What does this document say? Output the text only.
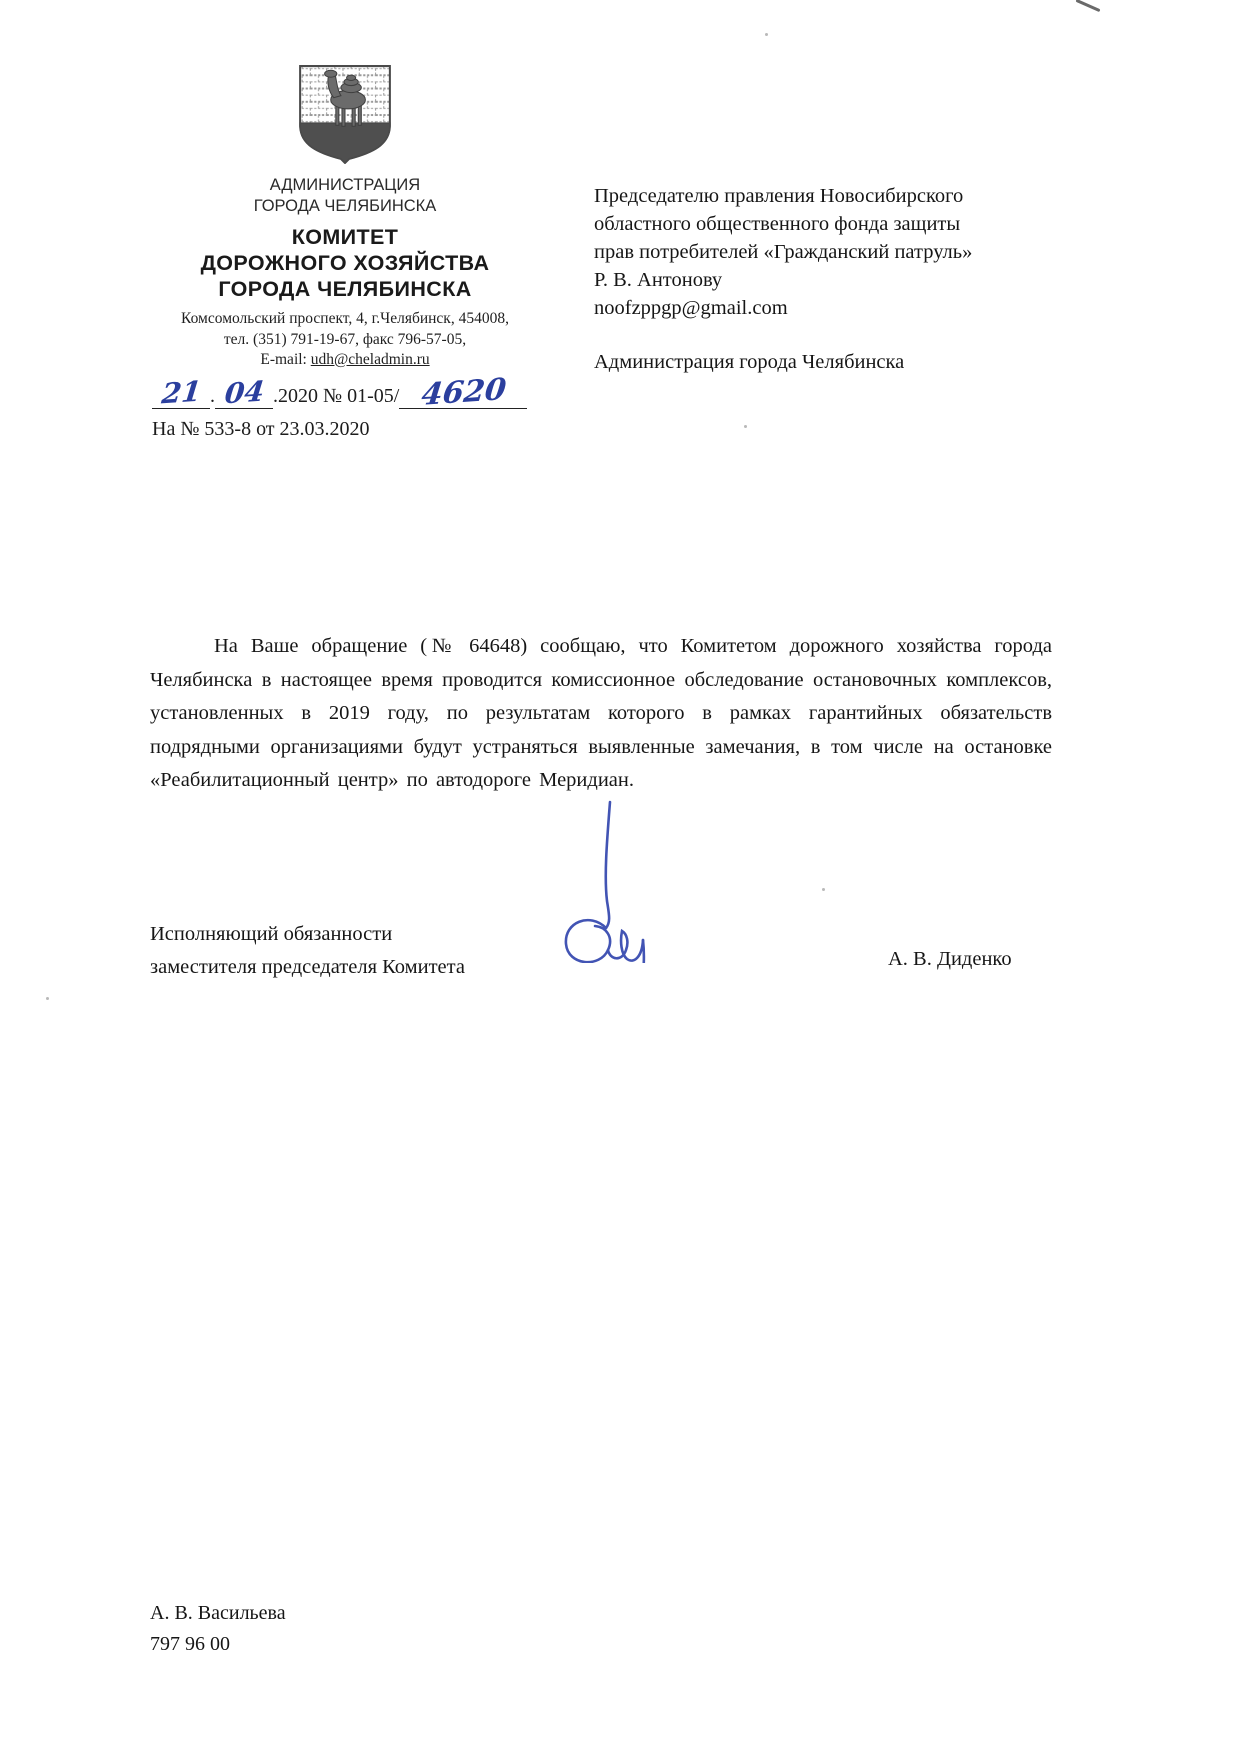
АДМИНИСТРАЦИЯ
ГОРОДА ЧЕЛЯБИНСКА
КОМИТЕТ
ДОРОЖНОГО ХОЗЯЙСТВА
ГОРОДА ЧЕЛЯБИНСКА
Комсомольский проспект, 4, г.Челябинск, 454008,
тел. (351) 791-19-67, факс 796-57-05,
E-mail: udh@cheladmin.ru
21 . 04 .2020 № 01-05/ 4620
На № 533-8 от 23.03.2020
Председателю правления Новосибирского
областного общественного фонда защиты
прав потребителей «Гражданский патруль»
Р. В. Антонову
noofzppgp@gmail.com
Администрация города Челябинска
На Ваше обращение (№ 64648) сообщаю, что Комитетом дорожного хозяйства города Челябинска в настоящее время проводится комиссионное обследование остановочных комплексов, установленных в 2019 году, по результатам которого в рамках гарантийных обязательств подрядными организациями будут устраняться выявленные замечания, в том числе на остановке «Реабилитационный центр» по автодороге Меридиан.
Исполняющий обязанности
заместителя председателя Комитета	А. В. Диденко
А. В. Васильева
797 96 00
